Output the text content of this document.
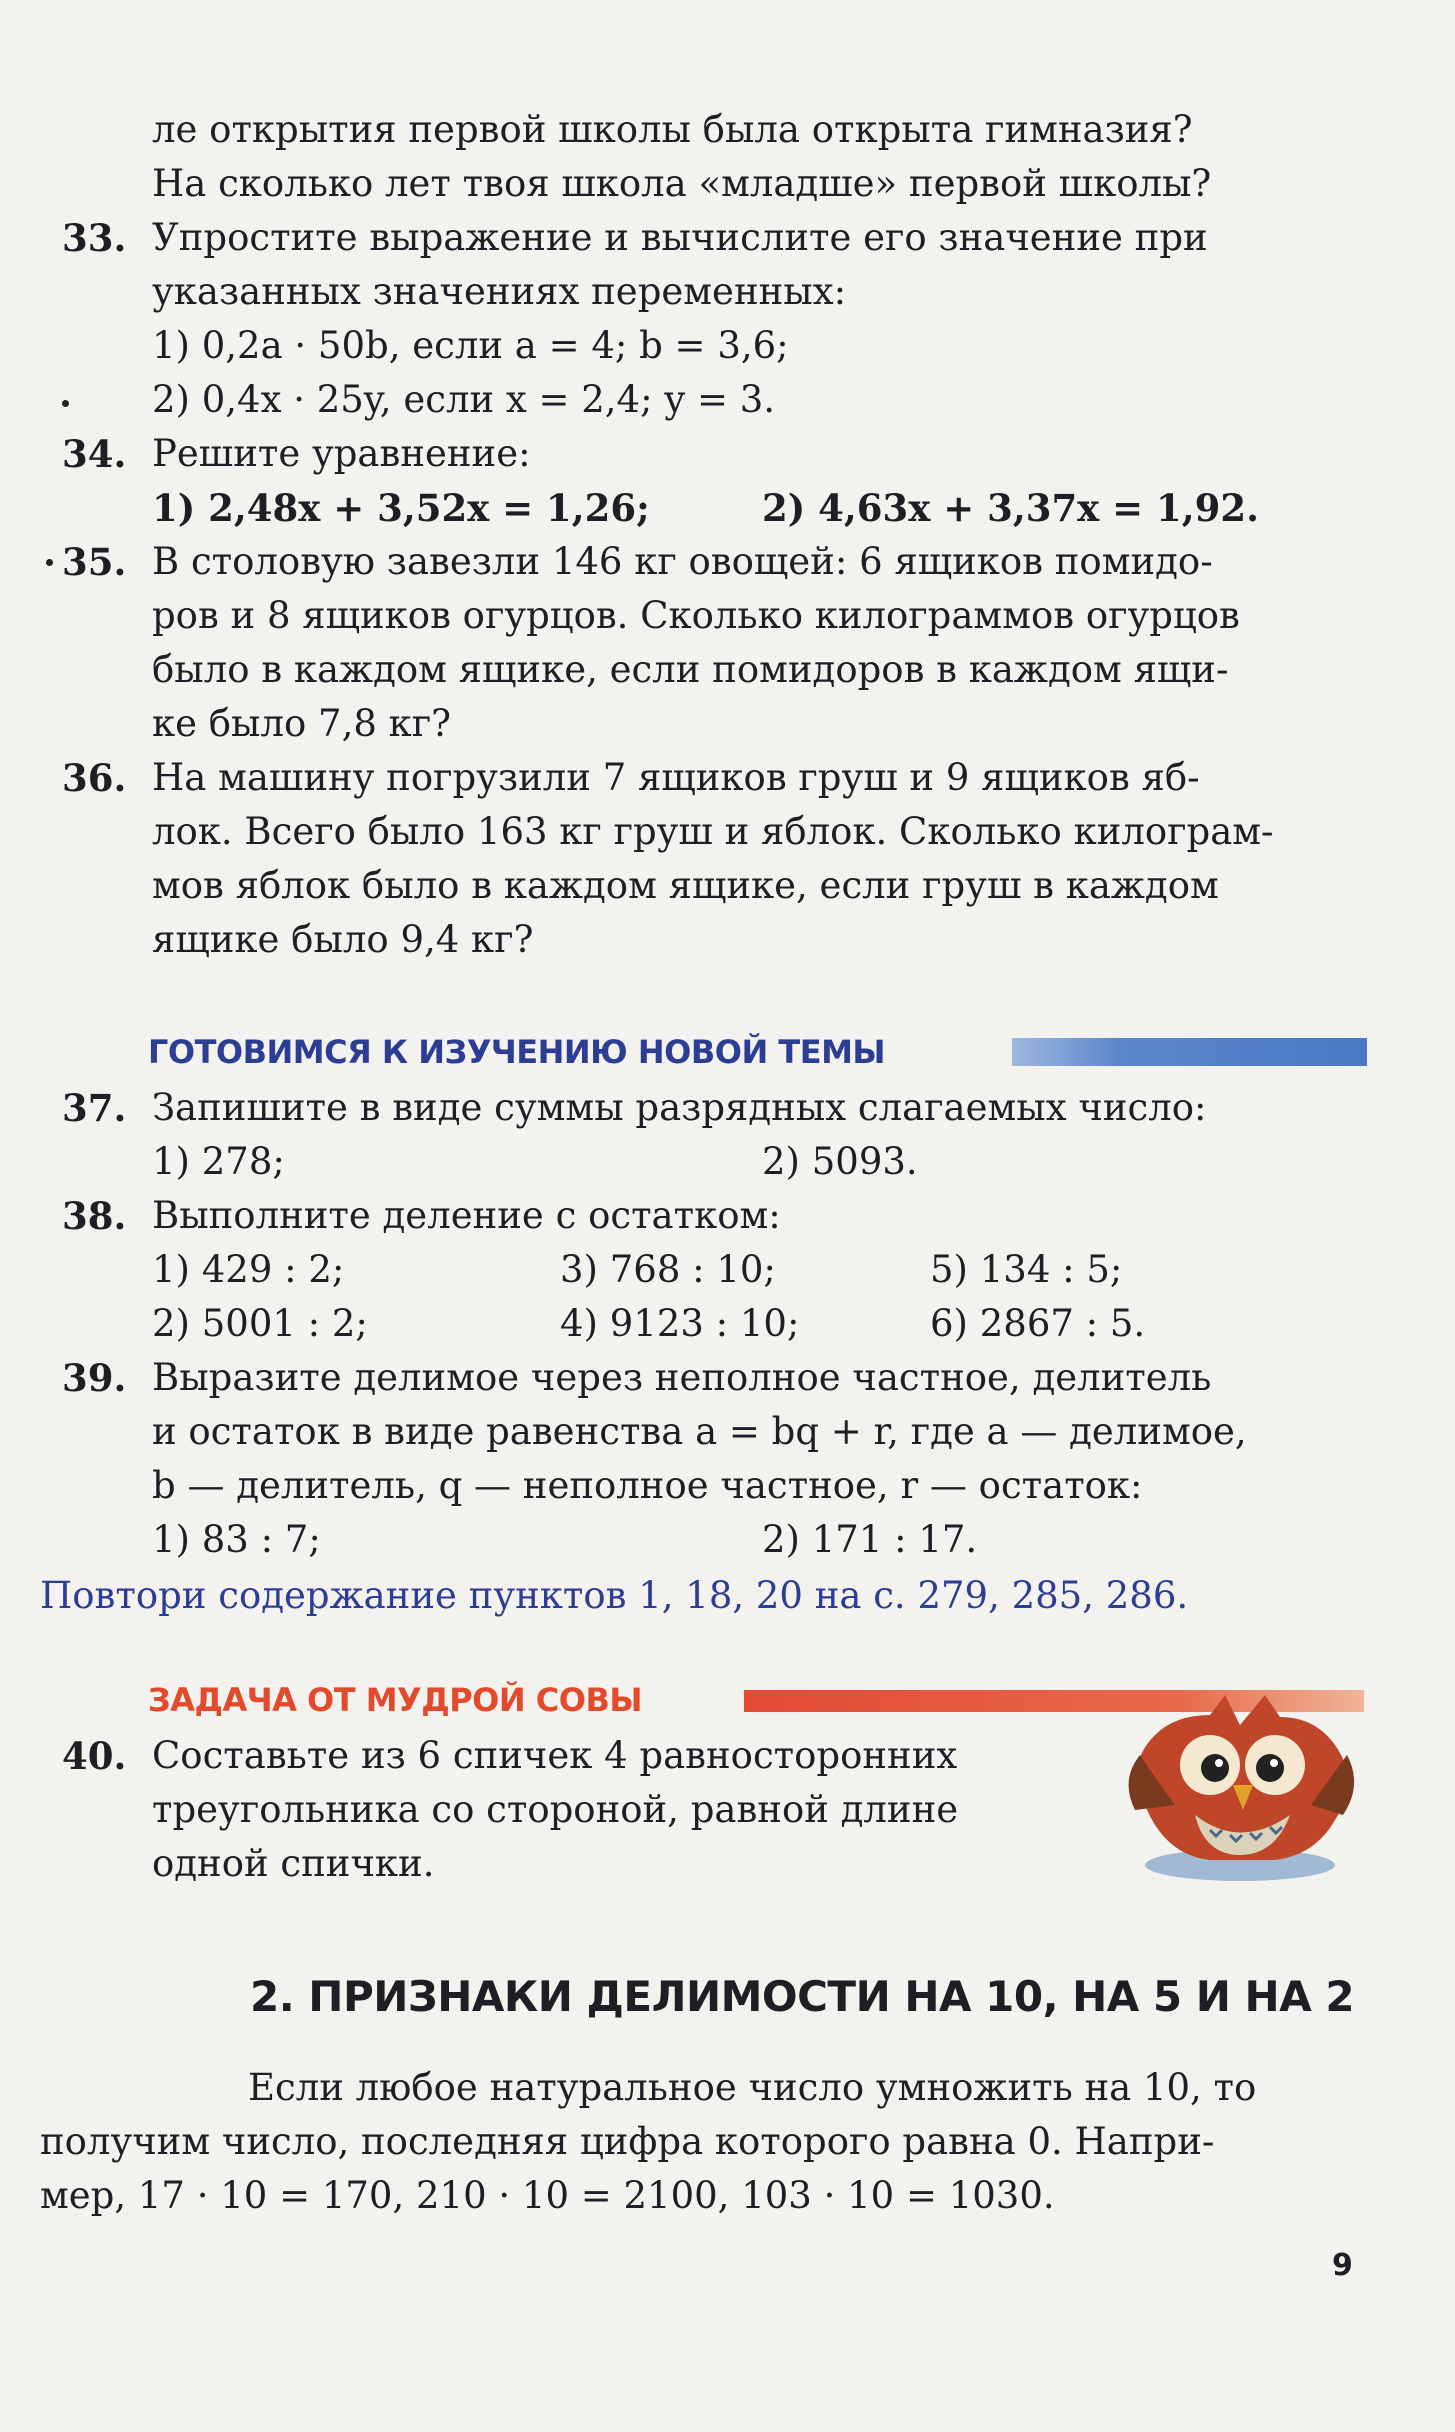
ле открытия первой школы была открыта гимназия?
На сколько лет твоя школа «младше» первой школы?
33. Упростите выражение и вычислите его значение при
указанных значениях переменных:
1) 0,2a · 50b, если a = 4; b = 3,6;
2) 0,4x · 25y, если x = 2,4; y = 3.
34. Решите уравнение:
1) 2,48x + 3,52x = 1,26;	2) 4,63x + 3,37x = 1,92.
35. В столовую завезли 146 кг овощей: 6 ящиков помидо-
ров и 8 ящиков огурцов. Сколько килограммов огурцов
было в каждом ящике, если помидоров в каждом ящи-
ке было 7,8 кг?
36. На машину погрузили 7 ящиков груш и 9 ящиков яб-
лок. Всего было 163 кг груш и яблок. Сколько килограм-
мов яблок было в каждом ящике, если груш в каждом
ящике было 9,4 кг?
ГОТОВИМСЯ К ИЗУЧЕНИЮ НОВОЙ ТЕМЫ
37. Запишите в виде суммы разрядных слагаемых число:
1) 278;	2) 5093.
38. Выполните деление с остатком:
1) 429 : 2;	3) 768 : 10;	5) 134 : 5;
2) 5001 : 2;	4) 9123 : 10;	6) 2867 : 5.
39. Выразите делимое через неполное частное, делитель
и остаток в виде равенства a = bq + r, где a — делимое,
b — делитель, q — неполное частное, r — остаток:
1) 83 : 7;	2) 171 : 17.
Повтори содержание пунктов 1, 18, 20 на с. 279, 285, 286.
ЗАДАЧА ОТ МУДРОЙ СОВЫ
40. Составьте из 6 спичек 4 равносторонних
треугольника со стороной, равной длине
одной спички.
2. ПРИЗНАКИ ДЕЛИМОСТИ НА 10, НА 5 И НА 2
Если любое натуральное число умножить на 10, то
получим число, последняя цифра которого равна 0. Напри-
мер, 17 · 10 = 170, 210 · 10 = 2100, 103 · 10 = 1030.
9
